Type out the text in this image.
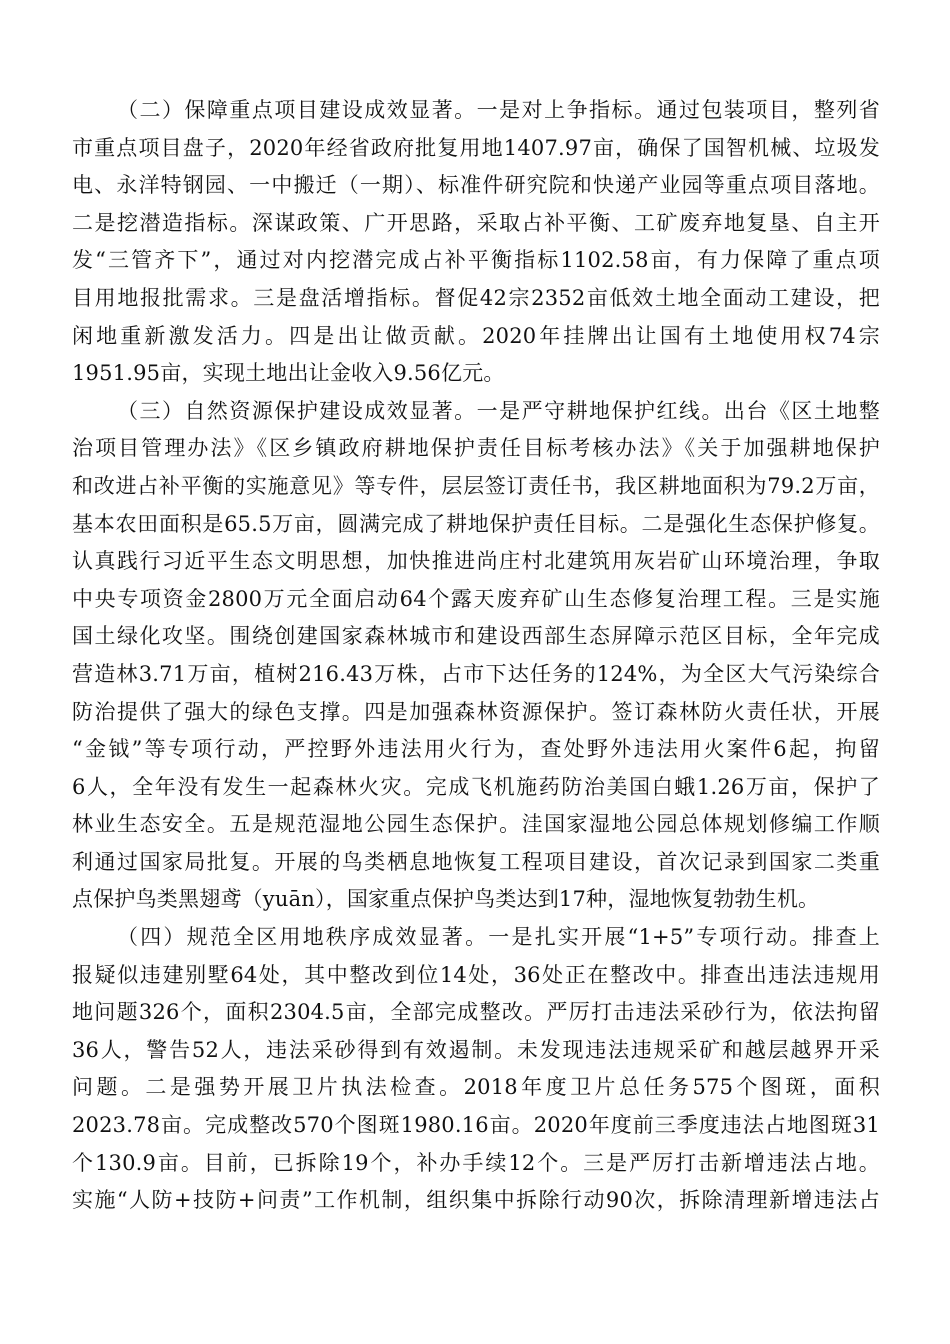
（二）保障重点项目建设成效显著。一是对上争指标。通过包装项目，整列省
市重点项目盘子，2020年经省政府批复用地1407.97亩，确保了国智机械、垃圾发
电、永洋特钢园、一中搬迁（一期）、标准件研究院和快递产业园等重点项目落地。
二是挖潜造指标。深谋政策、广开思路，采取占补平衡、工矿废弃地复垦、自主开
发“三管齐下”，通过对内挖潜完成占补平衡指标1102.58亩，有力保障了重点项
目用地报批需求。三是盘活增指标。督促42宗2352亩低效土地全面动工建设，把
闲地重新激发活力。四是出让做贡献。2020年挂牌出让国有土地使用权74宗
1951.95亩，实现土地出让金收入9.56亿元。
（三）自然资源保护建设成效显著。一是严守耕地保护红线。出台《区土地整
治项目管理办法》《区乡镇政府耕地保护责任目标考核办法》《关于加强耕地保护
和改进占补平衡的实施意见》等专件，层层签订责任书，我区耕地面积为79.2万亩，
基本农田面积是65.5万亩，圆满完成了耕地保护责任目标。二是强化生态保护修复。
认真践行习近平生态文明思想，加快推进尚庄村北建筑用灰岩矿山环境治理，争取
中央专项资金2800万元全面启动64个露天废弃矿山生态修复治理工程。三是实施
国土绿化攻坚。围绕创建国家森林城市和建设西部生态屏障示范区目标，全年完成
营造林3.71万亩，植树216.43万株，占市下达任务的124%，为全区大气污染综合
防治提供了强大的绿色支撑。四是加强森林资源保护。签订森林防火责任状，开展
“金钺”等专项行动，严控野外违法用火行为，查处野外违法用火案件6起，拘留
6人，全年没有发生一起森林火灾。完成飞机施药防治美国白蛾1.26万亩，保护了
林业生态安全。五是规范湿地公园生态保护。洼国家湿地公园总体规划修编工作顺
利通过国家局批复。开展的鸟类栖息地恢复工程项目建设，首次记录到国家二类重
点保护鸟类黑翅鸢（yuān），国家重点保护鸟类达到17种，湿地恢复勃勃生机。
（四）规范全区用地秩序成效显著。一是扎实开展“1+5”专项行动。排查上
报疑似违建别墅64处，其中整改到位14处，36处正在整改中。排查出违法违规用
地问题326个，面积2304.5亩，全部完成整改。严厉打击违法采砂行为，依法拘留
36人，警告52人，违法采砂得到有效遏制。未发现违法违规采矿和越层越界开采
问题。二是强势开展卫片执法检查。2018年度卫片总任务575个图斑，面积
2023.78亩。完成整改570个图斑1980.16亩。2020年度前三季度违法占地图斑31
个130.9亩。目前，已拆除19个，补办手续12个。三是严厉打击新增违法占地。
实施“人防+技防+问责”工作机制，组织集中拆除行动90次，拆除清理新增违法占
